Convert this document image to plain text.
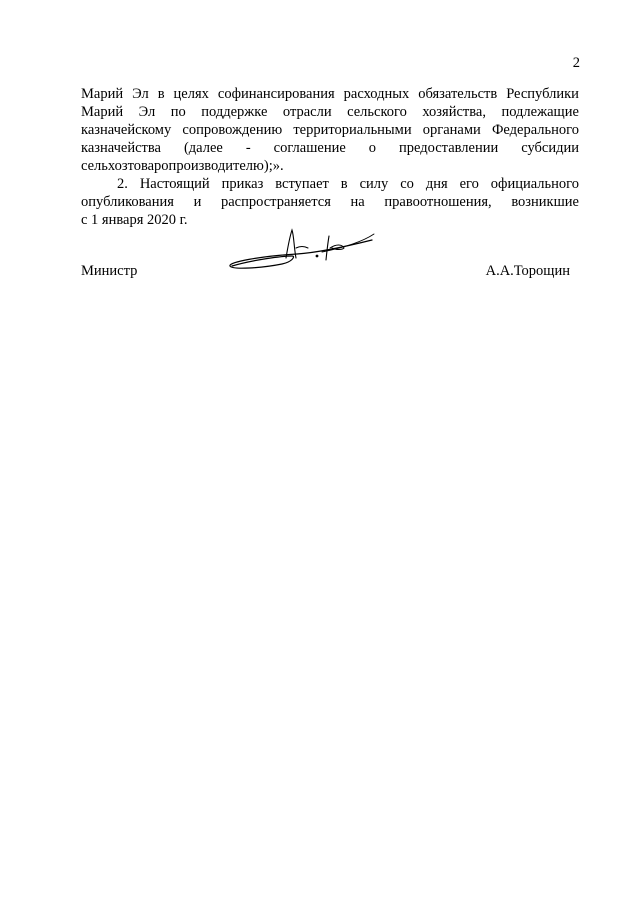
2
Марий Эл в целях софинансирования расходных обязательств Республики
Марий Эл по поддержке отрасли сельского хозяйства, подлежащие
казначейскому сопровождению территориальными органами Федерального
казначейства (далее - соглашение о предоставлении субсидии
сельхозтоваропроизводителю);».
2. Настоящий приказ вступает в силу со дня его официального
опубликования и распространяется на правоотношения, возникшие
с 1 января 2020 г.
Министр	А.А.Торощин
